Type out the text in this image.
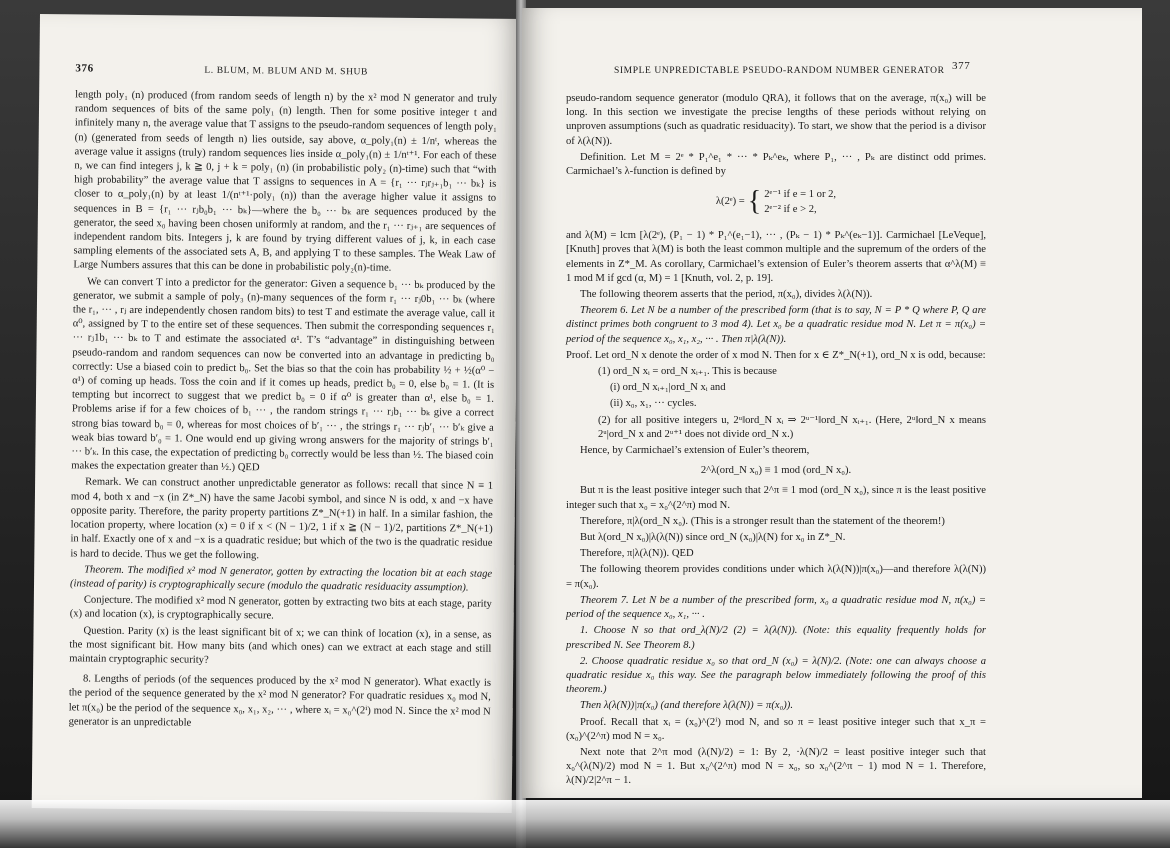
376	L. BLUM, M. BLUM AND M. SHUB

length poly₁ (n) produced (from random seeds of length n) by the x² mod N generator and truly random sequences of bits of the same poly₁ (n) length. Then for some positive integer t and infinitely many n, the average value that T assigns to the pseudo-random sequences of length poly₁ (n) (generated from seeds of length n) lies outside, say above, α_poly₁(n) ± 1/nᵗ, whereas the average value it assigns (truly) random sequences lies inside α_poly₁(n) ± 1/nᵗ⁺¹. For each of these n, we can find integers j, k ≧ 0, j + k = poly₁ (n) (in probabilistic poly₂ (n)-time) such that “with high probability” the average value that T assigns to sequences in A = {r₁ ··· rⱼrⱼ₊₁b₁ ··· bₖ} is closer to α_poly₁(n) by at least 1/(nᵗ⁺¹·poly₁ (n)) than the average higher value it assigns to sequences in B = {r₁ ··· rⱼb₀b₁ ··· bₖ}—where the b₀ ··· bₖ are sequences produced by the generator, the seed x₀ having been chosen uniformly at random, and the r₁ ··· rⱼ₊₁ are sequences of independent random bits. Integers j, k are found by trying different values of j, k, in each case sampling elements of the associated sets A, B, and applying T to these samples. The Weak Law of Large Numbers assures that this can be done in probabilistic poly₂(n)-time.

We can convert T into a predictor for the generator: Given a sequence b₁ ··· bₖ produced by the generator, we submit a sample of poly₃ (n)-many sequences of the form r₁ ··· rⱼ0b₁ ··· bₖ (where the r₁, ··· , rⱼ are independently chosen random bits) to test T and estimate the average value, call it α⁰, assigned by T to the entire set of these sequences. Then submit the corresponding sequences r₁ ··· rⱼ1b₁ ··· bₖ to T and estimate the associated α¹. T’s “advantage” in distinguishing between pseudo-random and random sequences can now be converted into an advantage in predicting b₀ correctly: Use a biased coin to predict b₀. Set the bias so that the coin has probability ½ + ½(α⁰ − α¹) of coming up heads. Toss the coin and if it comes up heads, predict b₀ = 0, else b₀ = 1. (It is tempting but incorrect to suggest that we predict b₀ = 0 if α⁰ is greater than α¹, else b₀ = 1. Problems arise if for a few choices of b₁ ··· , the random strings r₁ ··· rⱼb₁ ··· bₖ give a correct strong bias toward b₀ = 0, whereas for most choices of b′₁ ··· , the strings r₁ ··· rⱼb′₁ ··· b′ₖ give a weak bias toward b′₀ = 1. One would end up giving wrong answers for the majority of strings b′₁ ··· b′ₖ. In this case, the expectation of predicting b₀ correctly would be less than ½. The biased coin makes the expectation greater than ½.) QED

Remark. We can construct another unpredictable generator as follows: recall that since N ≡ 1 mod 4, both x and −x (in Z*_N) have the same Jacobi symbol, and since N is odd, x and −x have opposite parity. Therefore, the parity property partitions Z*_N(+1) in half. In a similar fashion, the location property, where location (x) = 0 if x < (N − 1)/2, 1 if x ≧ (N − 1)/2, partitions Z*_N(+1) in half. Exactly one of x and −x is a quadratic residue; but which of the two is the quadratic residue is hard to decide. Thus we get the following.

Theorem. The modified x² mod N generator, gotten by extracting the location bit at each stage (instead of parity) is cryptographically secure (modulo the quadratic residuacity assumption).

Conjecture. The modified x² mod N generator, gotten by extracting two bits at each stage, parity (x) and location (x), is cryptographically secure.

Question. Parity (x) is the least significant bit of x; we can think of location (x), in a sense, as the most significant bit. How many bits (and which ones) can we extract at each stage and still maintain cryptographic security?

8. Lengths of periods (of the sequences produced by the x² mod N generator). What exactly is the period of the sequence generated by the x² mod N generator? For quadratic residues x₀ mod N, let π(x₀) be the period of the sequence x₀, x₁, x₂, ··· , where xᵢ = x₀^(2ⁱ) mod N. Since the x² mod N generator is an unpredictable

SIMPLE UNPREDICTABLE PSEUDO-RANDOM NUMBER GENERATOR 377

pseudo-random sequence generator (modulo QRA), it follows that on the average, π(x₀) will be long. In this section we investigate the precise lengths of these periods without relying on unproven assumptions (such as quadratic residuacity). To start, we show that the period is a divisor of λ(λ(N)).

Definition. Let M = 2ᵉ * P₁^e₁ * ··· * Pₖ^eₖ, where P₁, ··· , Pₖ are distinct odd primes. Carmichael’s λ-function is defined by

λ(2ᵉ) = { 2ᵉ⁻¹ if e = 1 or 2,
2ᵉ⁻² if e > 2,

and λ(M) = lcm [λ(2ᵉ), (P₁ − 1) * P₁^(e₁−1), ··· , (Pₖ − 1) * Pₖ^(eₖ−1)]. Carmichael [LeVeque], [Knuth] proves that λ(M) is both the least common multiple and the supremum of the orders of the elements in Z*_M. As corollary, Carmichael’s extension of Euler’s theorem asserts that α^λ(M) ≡ 1 mod M if gcd (α, M) = 1 [Knuth, vol. 2, p. 19].

The following theorem asserts that the period, π(x₀), divides λ(λ(N)).

Theorem 6. Let N be a number of the prescribed form (that is to say, N = P * Q where P, Q are distinct primes both congruent to 3 mod 4). Let x₀ be a quadratic residue mod N. Let π = π(x₀) = period of the sequence x₀, x₁, x₂, ··· . Then π|λ(λ(N)).

Proof. Let ord_N x denote the order of x mod N. Then for x ∈ Z*_N(+1), ord_N x is odd, because:

(1) ord_N xᵢ = ord_N xᵢ₊₁. This is because

(i) ord_N xᵢ₊₁|ord_N xᵢ and

(ii) x₀, x₁, ··· cycles.

(2) for all positive integers u, 2ᵘ‖ord_N xᵢ ⇒ 2ᵘ⁻¹‖ord_N xᵢ₊₁. (Here, 2ᵘ‖ord_N x means 2ᵘ|ord_N x and 2ᵘ⁺¹ does not divide ord_N x.)

Hence, by Carmichael’s extension of Euler’s theorem,

2^λ(ord_N x₀) ≡ 1 mod (ord_N x₀).

But π is the least positive integer such that 2^π ≡ 1 mod (ord_N x₀), since π is the least positive integer such that x₀ = x₀^(2^π) mod N.

Therefore, π|λ(ord_N x₀). (This is a stronger result than the statement of the theorem!)

But λ(ord_N x₀)|λ(λ(N)) since ord_N (x₀)|λ(N) for x₀ in Z*_N.

Therefore, π|λ(λ(N)). QED

The following theorem provides conditions under which λ(λ(N))|π(x₀)—and therefore λ(λ(N)) = π(x₀).

Theorem 7. Let N be a number of the prescribed form, x₀ a quadratic residue mod N, π(x₀) = period of the sequence x₀, x₁, ··· .

1. Choose N so that ord_λ(N)/2 (2) = λ(λ(N)). (Note: this equality frequently holds for prescribed N. See Theorem 8.)

2. Choose quadratic residue x₀ so that ord_N (x₀) = λ(N)/2. (Note: one can always choose a quadratic residue x₀ this way. See the paragraph below immediately following the proof of this theorem.)

Then λ(λ(N))|π(x₀) (and therefore λ(λ(N)) = π(x₀)).

Proof. Recall that xᵢ = (x₀)^(2ⁱ) mod N, and so π = least positive integer such that x_π = (x₀)^(2^π) mod N = x₀.

Next note that 2^π mod (λ(N)/2) = 1: By 2, ·λ(N)/2 = least positive integer such that x₀^(λ(N)/2) mod N = 1. But x₀^(2^π) mod N = x₀, so x₀^(2^π − 1) mod N = 1. Therefore, λ(N)/2|2^π − 1.
